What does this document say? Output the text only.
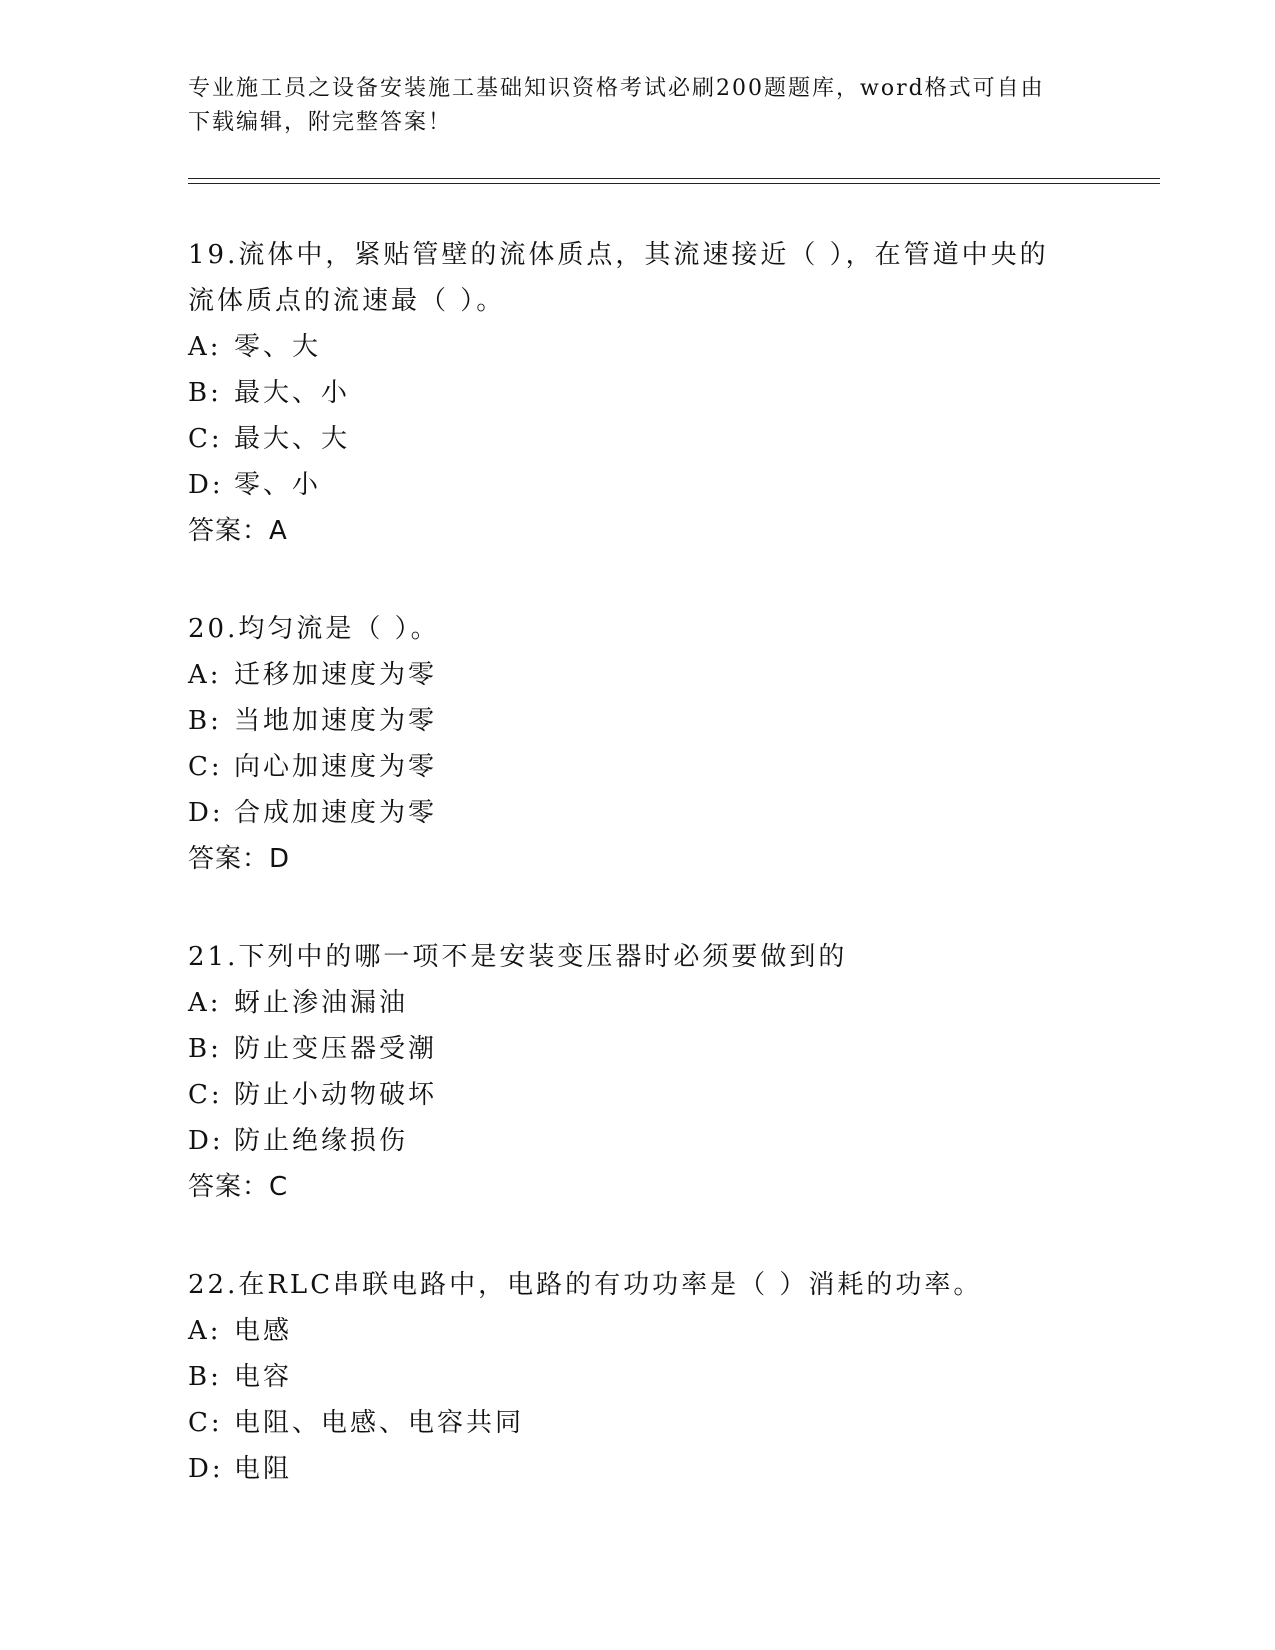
专业施工员之设备安装施工基础知识资格考试必刷200题题库，word格式可自由
下载编辑，附完整答案！
19.流体中，紧贴管壁的流体质点，其流速接近（ ），在管道中央的
流体质点的流速最（ ）。
A: 零、大
B: 最大、小
C: 最大、大
D: 零、小
答案：A
20.均匀流是（ ）。
A: 迁移加速度为零
B: 当地加速度为零
C: 向心加速度为零
D: 合成加速度为零
答案：D
21.下列中的哪一项不是安装变压器时必须要做到的
A: 蚜止渗油漏油
B: 防止变压器受潮
C: 防止小动物破坏
D: 防止绝缘损伤
答案：C
22.在RLC串联电路中，电路的有功功率是（ ）消耗的功率。
A: 电感
B: 电容
C: 电阻、电感、电容共同
D: 电阻
